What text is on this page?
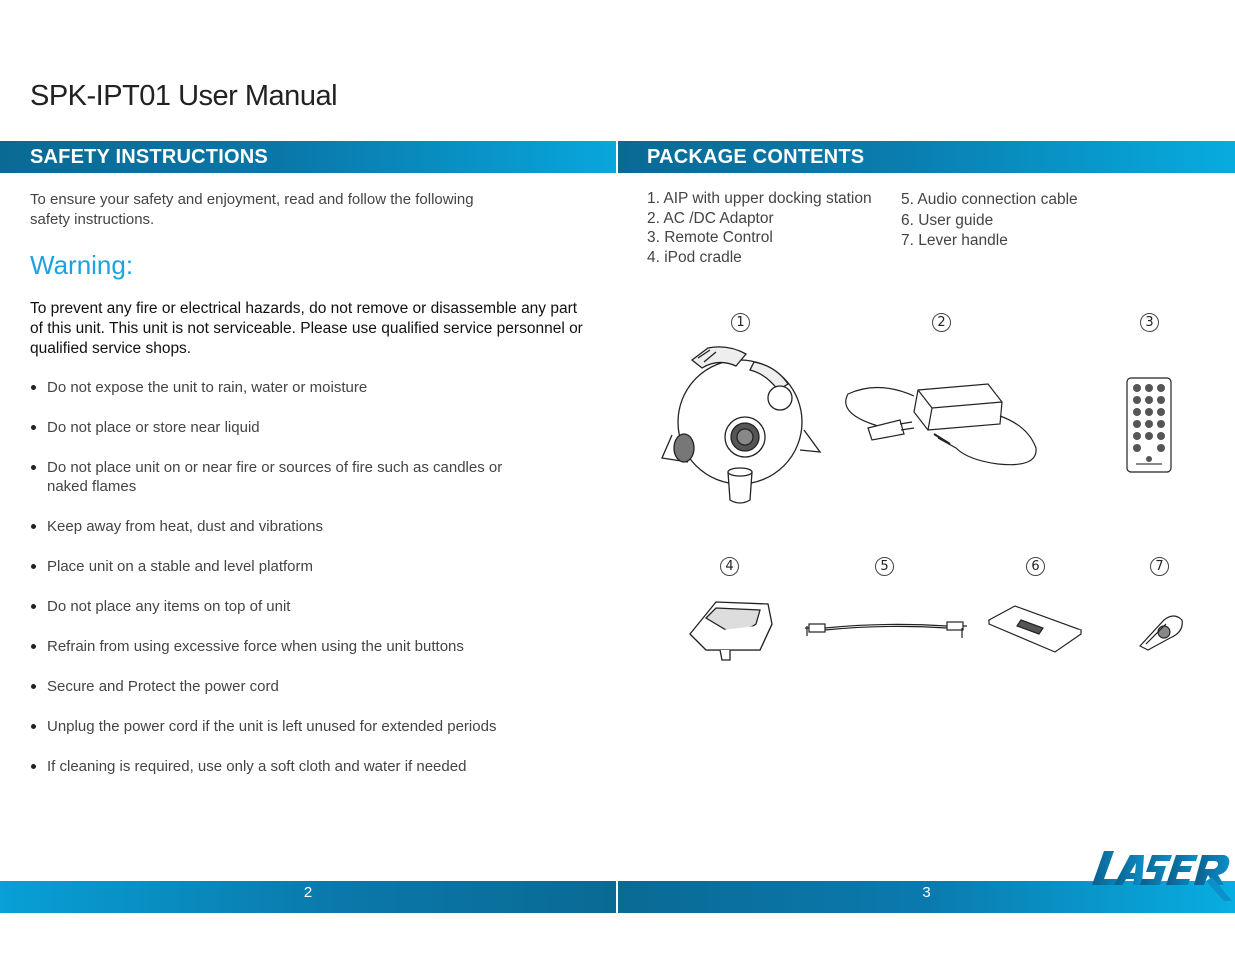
SPK-IPT01 User Manual
SAFETY INSTRUCTIONS
To ensure your safety and enjoyment, read and follow the following
safety instructions.
Warning:
To prevent any fire or electrical hazards, do not remove or disassemble any part of this unit. This unit is not serviceable. Please use qualified service personnel or qualified service shops.
Do not expose the unit to rain, water or moisture
Do not place or store near liquid
Do not place unit on or near fire or sources of fire such as candles or naked flames
Keep away from heat, dust and vibrations
Place unit on a stable and level platform
Do not place any items on top of unit
Refrain from using excessive force when using the unit buttons
Secure and Protect the power cord
Unplug the power cord if the unit is left unused for extended periods
If cleaning is required, use only a soft cloth and water if needed
PACKAGE CONTENTS
1. AIP with upper docking station
2. AC /DC Adaptor
3. Remote Control
4. iPod cradle
5. Audio connection cable
6. User guide
7. Lever handle
1	2	3
4	5	6	7
2	3
